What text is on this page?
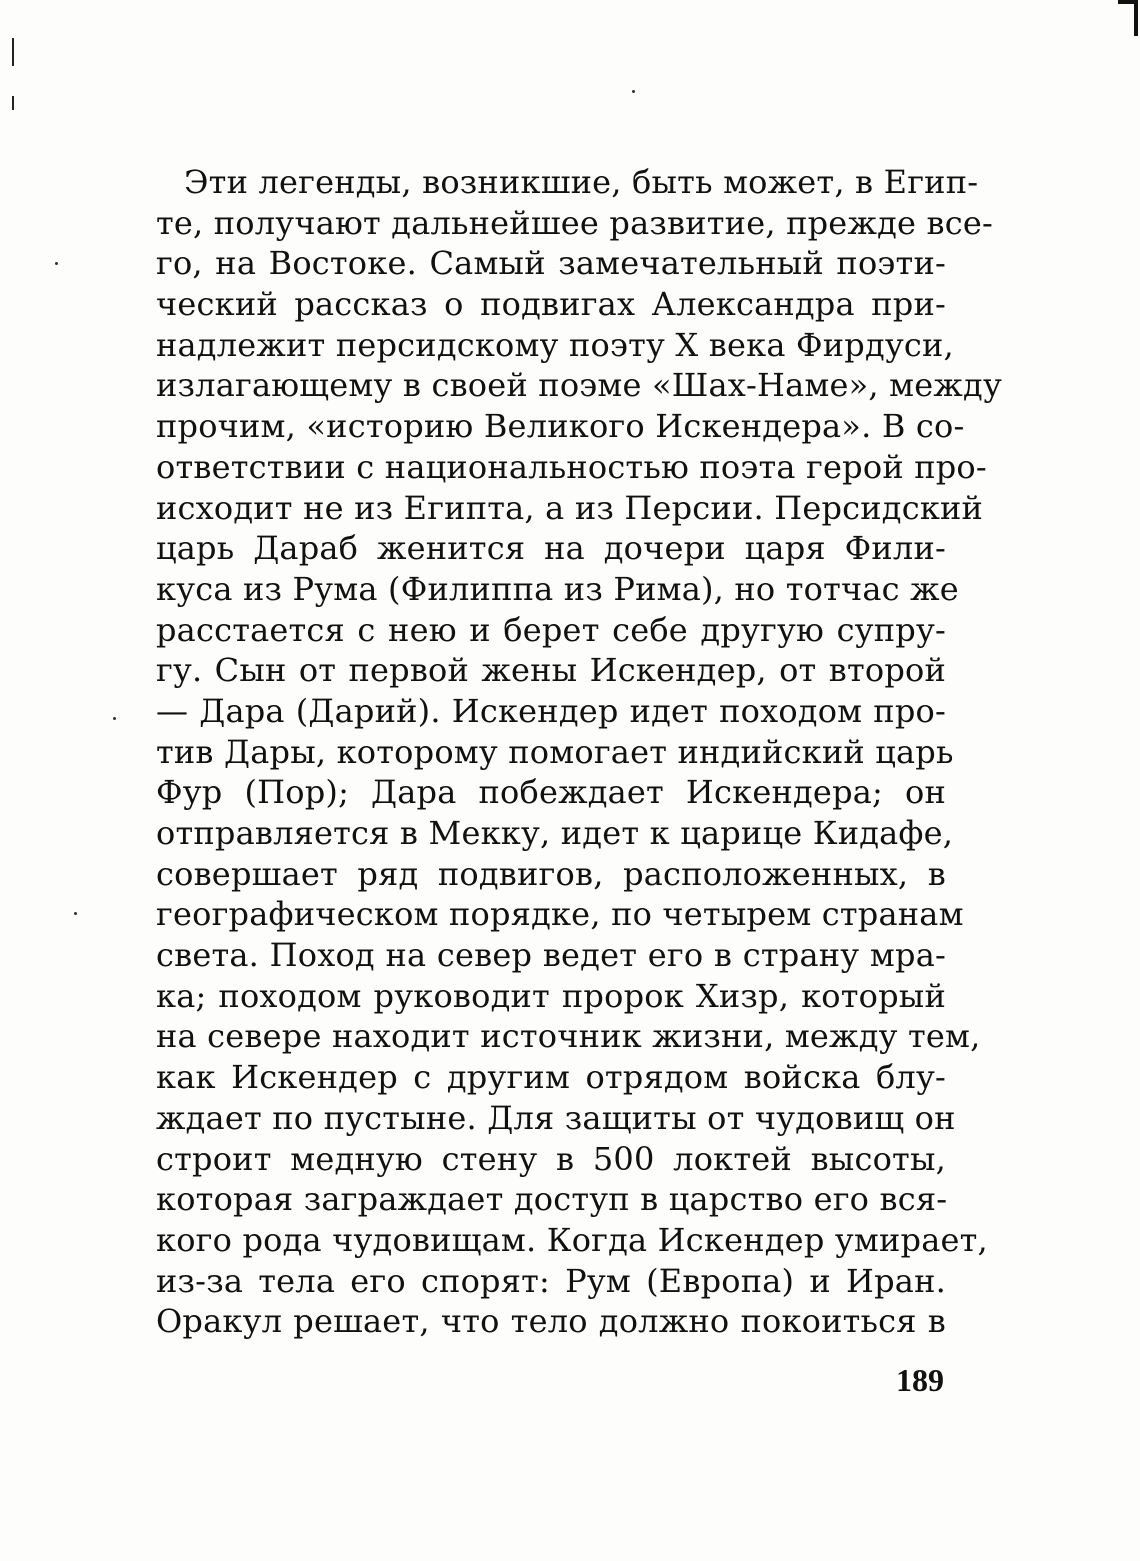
Эти легенды, возникшие, быть может, в Егип-
те, получают дальнейшее развитие, прежде все-
го, на Востоке. Самый замечательный поэти-
ческий рассказ о подвигах Александра при-
надлежит персидскому поэту X века Фирдуси,
излагающему в своей поэме «Шах-Наме», между
прочим, «историю Великого Искендера». В со-
ответствии с национальностью поэта герой про-
исходит не из Египта, а из Персии. Персидский
царь Дараб женится на дочери царя Фили-
куса из Рума (Филиппа из Рима), но тотчас же
расстается с нею и берет себе другую супру-
гу. Сын от первой жены Искендер, от второй
— Дара (Дарий). Искендер идет походом про-
тив Дары, которому помогает индийский царь
Фур (Пор); Дара побеждает Искендера; он
отправляется в Мекку, идет к царице Кидафе,
совершает ряд подвигов, расположенных, в
географическом порядке, по четырем странам
света. Поход на север ведет его в страну мра-
ка; походом руководит пророк Хизр, который
на севере находит источник жизни, между тем,
как Искендер с другим отрядом войска блу-
ждает по пустыне. Для защиты от чудовищ он
строит медную стену в 500 локтей высоты,
которая заграждает доступ в царство его вся-
кого рода чудовищам. Когда Искендер умирает,
из-за тела его спорят: Рум (Европа) и Иран.
Оракул решает, что тело должно покоиться в
189
